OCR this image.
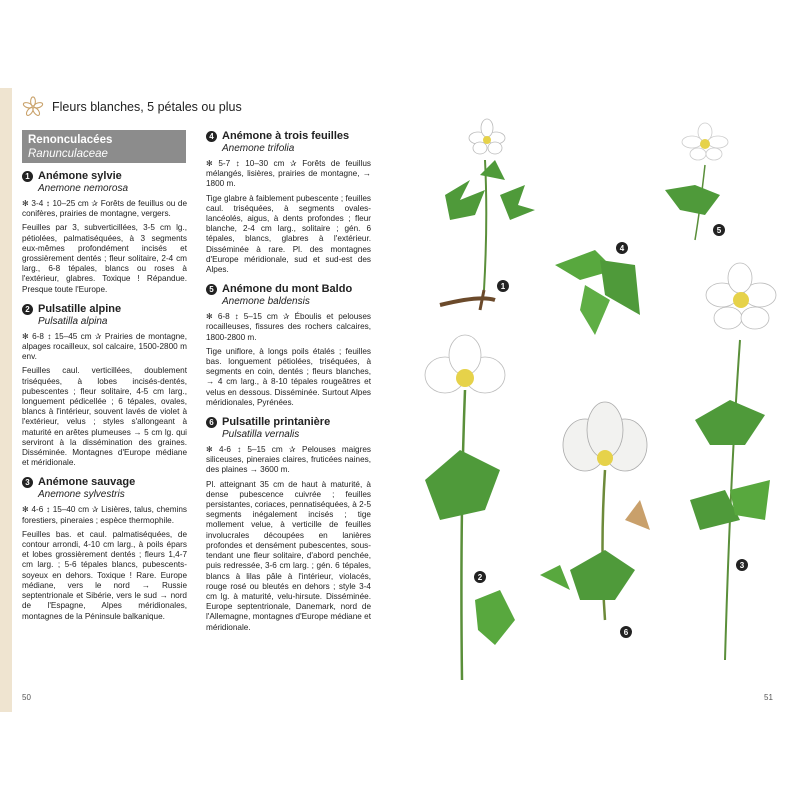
Fleurs blanches, 5 pétales ou plus
Renonculacées
Ranunculaceae
1 Anémone sylvie
Anemone nemorosa
✻ 3-4 ↕ 10–25 cm ✰ Forêts de feuillus ou de conifères, prairies de montagne, vergers.
Feuilles par 3, subverticillées, 3-5 cm lg., pétiolées, palmatiséquées, à 3 segments eux-mêmes profondément incisés et grossièrement dentés ; fleur solitaire, 2-4 cm larg., 6-8 tépales, blancs ou roses à l'extérieur, glabres. Toxique ! Répandue. Presque toute l'Europe.
2 Pulsatille alpine
Pulsatilla alpina
✻ 6-8 ↕ 15–45 cm ✰ Prairies de montagne, alpages rocailleux, sol calcaire, 1500-2800 m env.
Feuilles caul. verticillées, doublement triséquées, à lobes incisés-dentés, pubescentes ; fleur solitaire, 4-5 cm larg., longuement pédicellée ; 6 tépales, ovales, blancs à l'intérieur, souvent lavés de violet à l'extérieur, velus ; styles s'allongeant à maturité en arêtes plumeuses → 5 cm lg. qui serviront à la dissémination des graines. Disséminée. Montagnes d'Europe médiane et méridionale.
3 Anémone sauvage
Anemone sylvestris
✻ 4-6 ↕ 15–40 cm ✰ Lisières, talus, chemins forestiers, pineraies ; espèce thermophile.
Feuilles bas. et caul. palmatiséquées, de contour arrondi, 4-10 cm larg., à poils épars et lobes grossièrement dentés ; fleurs 1,4-7 cm larg. ; 5-6 tépales blancs, pubescents-soyeux en dehors. Toxique ! Rare. Europe médiane, vers le nord → Russie septentrionale et Sibérie, vers le sud → nord de l'Espagne, Alpes méridionales, montagnes de la Péninsule balkanique.
4 Anémone à trois feuilles
Anemone trifolia
✻ 5-7 ↕ 10–30 cm ✰ Forêts de feuillus mélangés, lisières, prairies de montagne, → 1800 m.
Tige glabre à faiblement pubescente ; feuilles caul. triséquées, à segments ovales-lancéolés, aigus, à dents profondes ; fleur blanche, 2-4 cm larg., solitaire ; gén. 6 tépales, blancs, glabres à l'extérieur. Disséminée à rare. Pl. des montagnes d'Europe méridionale, sud et sud-est des Alpes.
5 Anémone du mont Baldo
Anemone baldensis
✻ 6-8 ↕ 5–15 cm ✰ Éboulis et pelouses rocailleuses, fissures des rochers calcaires, 1800-2800 m.
Tige uniflore, à longs poils étalés ; feuilles bas. longuement pétiolées, triséquées, à segments en coin, dentés ; fleurs blanches, → 4 cm larg., à 8-10 tépales rougeâtres et velus en dessous. Disséminée. Surtout Alpes méridionales, Pyrénées.
6 Pulsatille printanière
Pulsatilla vernalis
✻ 4-6 ↕ 5–15 cm ✰ Pelouses maigres siliceuses, pineraies claires, fruticées naines, des plaines → 3600 m.
Pl. atteignant 35 cm de haut à maturité, à dense pubescence cuivrée ; feuilles persistantes, coriaces, pennatiséquées, à 2-5 segments inégalement incisés ; tige mollement velue, à verticille de feuilles involucrales découpées en lanières profondes et densément pubescentes, sous-tendant une fleur solitaire, d'abord penchée, puis redressée, 3-6 cm larg. ; gén. 6 tépales, blancs à lilas pâle à l'intérieur, violacés, rouge rosé ou bleutés en dehors ; style 3-4 cm lg. à maturité, velu-hirsute. Disséminée. Europe septentrionale, Danemark, nord de l'Allemagne, montagnes d'Europe médiane et méridionale.
1
4
5
2
3
6
50	51
